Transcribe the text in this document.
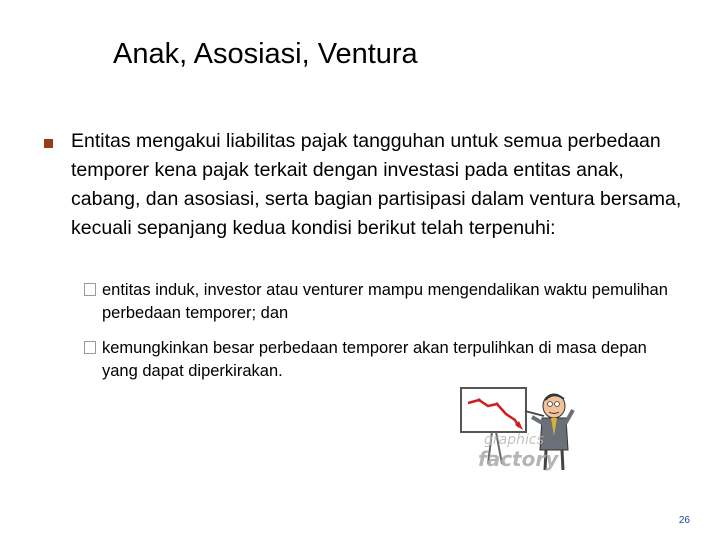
Anak, Asosiasi, Ventura
Entitas mengakui liabilitas pajak tangguhan untuk semua perbedaan temporer kena pajak terkait dengan investasi pada entitas anak, cabang, dan asosiasi, serta bagian partisipasi dalam ventura bersama, kecuali sepanjang kedua kondisi berikut telah terpenuhi:
entitas induk, investor atau venturer mampu mengendalikan waktu pemulihan perbedaan temporer; dan
kemungkinkan besar perbedaan temporer akan terpulihkan di masa depan yang dapat diperkirakan.
graphics
factory
26
